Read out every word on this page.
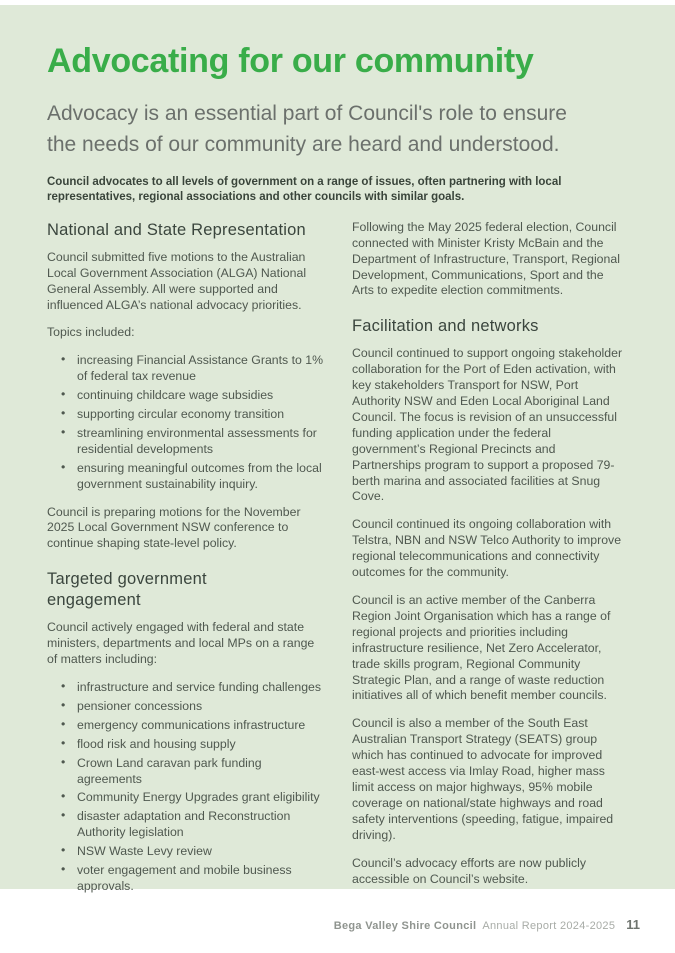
Advocating for our community
Advocacy is an essential part of Council's role to ensure
the needs of our community are heard and understood.
Council advocates to all levels of government on a range of issues, often partnering with local representatives, regional associations and other councils with similar goals.
National and State Representation

Council submitted five motions to the Australian Local Government Association (ALGA) National General Assembly. All were supported and influenced ALGA’s national advocacy priorities.

Topics included:

• increasing Financial Assistance Grants to 1% of federal tax revenue
• continuing childcare wage subsidies
• supporting circular economy transition
• streamlining environmental assessments for residential developments
• ensuring meaningful outcomes from the local government sustainability inquiry.

Council is preparing motions for the November 2025 Local Government NSW conference to continue shaping state-level policy.

Targeted government engagement

Council actively engaged with federal and state ministers, departments and local MPs on a range of matters including:

• infrastructure and service funding challenges
• pensioner concessions
• emergency communications infrastructure
• flood risk and housing supply
• Crown Land caravan park funding agreements
• Community Energy Upgrades grant eligibility
• disaster adaptation and Reconstruction Authority legislation
• NSW Waste Levy review
• voter engagement and mobile business approvals.

Following the May 2025 federal election, Council connected with Minister Kristy McBain and the Department of Infrastructure, Transport, Regional Development, Communications, Sport and the Arts to expedite election commitments.

Facilitation and networks

Council continued to support ongoing stakeholder collaboration for the Port of Eden activation, with key stakeholders Transport for NSW, Port Authority NSW and Eden Local Aboriginal Land Council. The focus is revision of an unsuccessful funding application under the federal government’s Regional Precincts and Partnerships program to support a proposed 79-berth marina and associated facilities at Snug Cove.

Council continued its ongoing collaboration with Telstra, NBN and NSW Telco Authority to improve regional telecommunications and connectivity outcomes for the community.

Council is an active member of the Canberra Region Joint Organisation which has a range of regional projects and priorities including infrastructure resilience, Net Zero Accelerator, trade skills program, Regional Community Strategic Plan, and a range of waste reduction initiatives all of which benefit member councils.

Council is also a member of the South East Australian Transport Strategy (SEATS) group which has continued to advocate for improved east-west access via Imlay Road, higher mass limit access on major highways, 95% mobile coverage on national/state highways and road safety interventions (speeding, fatigue, impaired driving).

Council’s advocacy efforts are now publicly accessible on Council’s website.

Bega Valley Shire Council Annual Report 2024-2025 11
